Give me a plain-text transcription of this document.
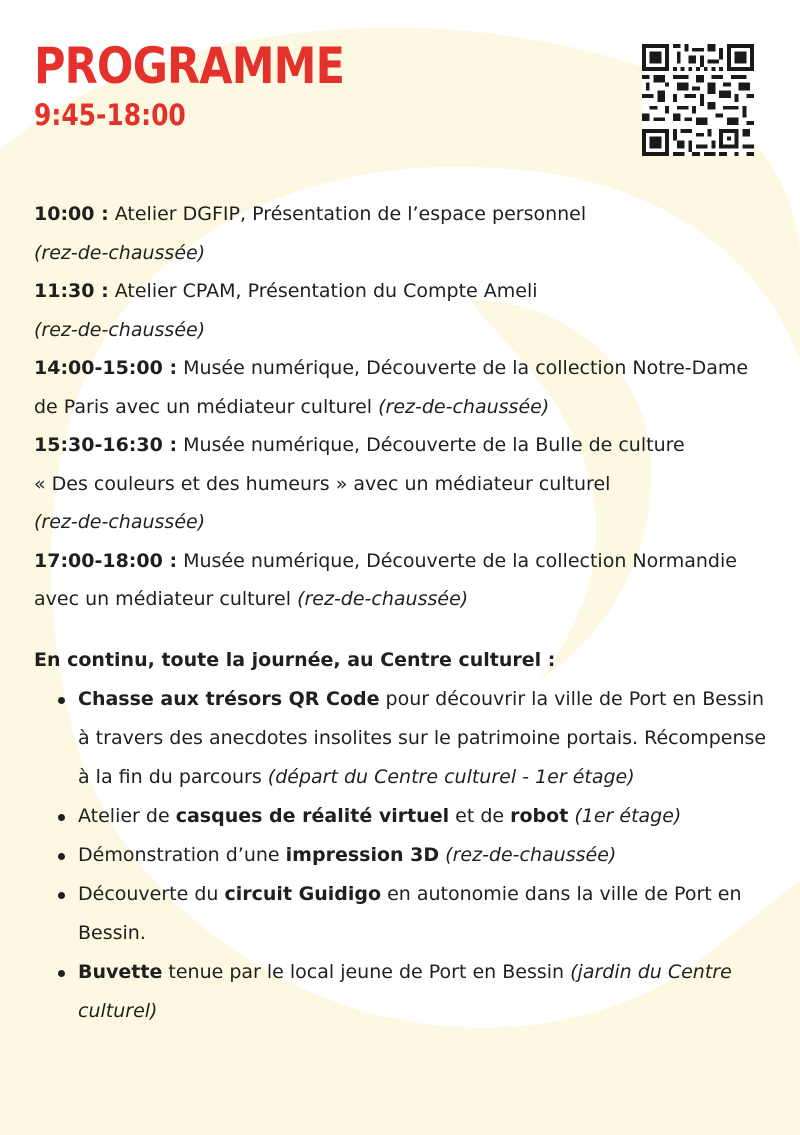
PROGRAMME
9:45-18:00

10:00 : Atelier DGFIP, Présentation de l’espace personnel
(rez-de-chaussée)

11:30 : Atelier CPAM, Présentation du Compte Ameli
(rez-de-chaussée)

14:00-15:00 : Musée numérique, Découverte de la collection Notre-Dame de Paris avec un médiateur culturel (rez-de-chaussée)

15:30-16:30 : Musée numérique, Découverte de la Bulle de culture
« Des couleurs et des humeurs » avec un médiateur culturel
(rez-de-chaussée)

17:00-18:00 : Musée numérique, Découverte de la collection Normandie avec un médiateur culturel (rez-de-chaussée)

En continu, toute la journée, au Centre culturel :
Chasse aux trésors QR Code pour découvrir la ville de Port en Bessin à travers des anecdotes insolites sur le patrimoine portais. Récompense à la fin du parcours (départ du Centre culturel - 1er étage)
Atelier de casques de réalité virtuel et de robot (1er étage)
Démonstration d’une impression 3D (rez-de-chaussée)
Découverte du circuit Guidigo en autonomie dans la ville de Port en Bessin.
Buvette tenue par le local jeune de Port en Bessin (jardin du Centre culturel)
